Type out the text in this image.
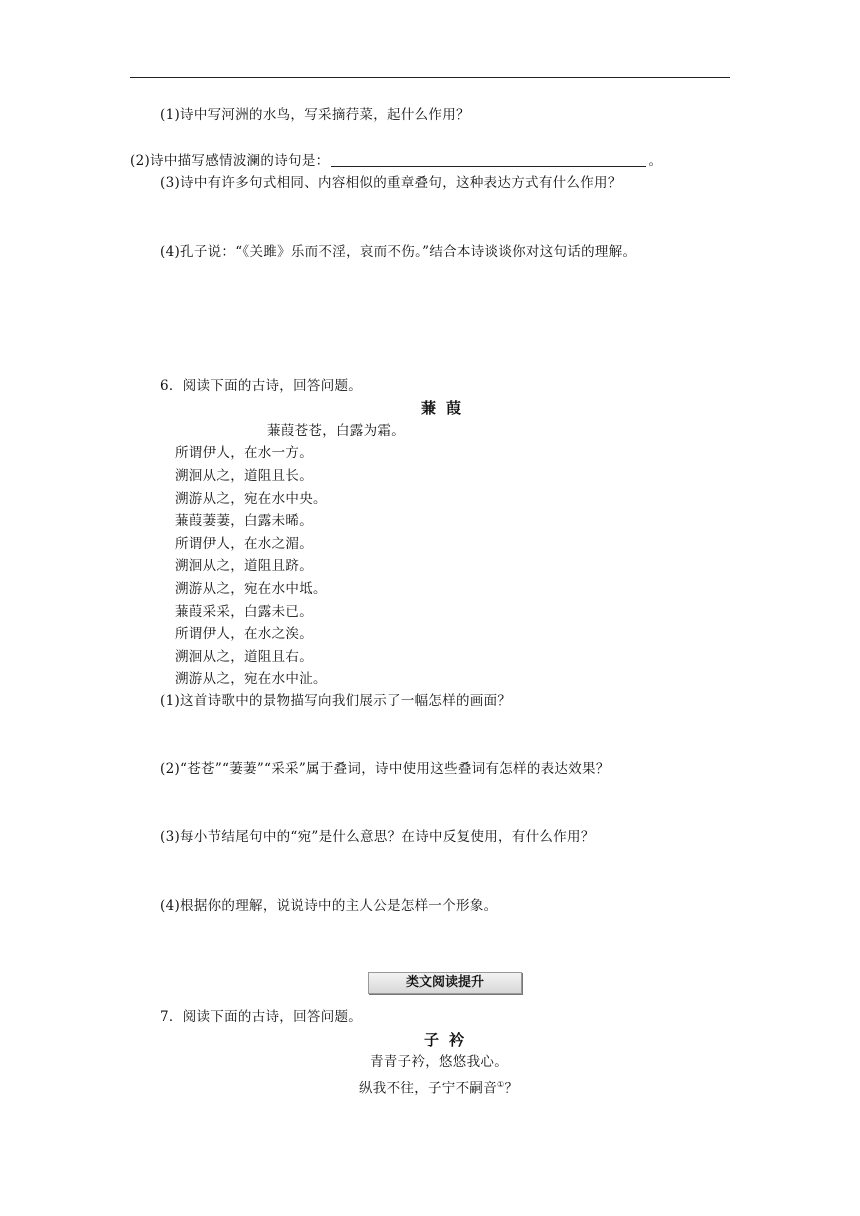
(1)诗中写河洲的水鸟，写采摘荇菜，起什么作用？
(2)诗中描写感情波澜的诗句是：	。
(3)诗中有许多句式相同、内容相似的重章叠句，这种表达方式有什么作用？
(4)孔子说：“《关雎》乐而不淫，哀而不伤。”结合本诗谈谈你对这句话的理解。
6．阅读下面的古诗，回答问题。
蒹葭
蒹葭苍苍，白露为霜。
所谓伊人，在水一方。
溯洄从之，道阻且长。
溯游从之，宛在水中央。
蒹葭萋萋，白露未晞。
所谓伊人，在水之湄。
溯洄从之，道阻且跻。
溯游从之，宛在水中坻。
蒹葭采采，白露未已。
所谓伊人，在水之涘。
溯洄从之，道阻且右。
溯游从之，宛在水中沚。
(1)这首诗歌中的景物描写向我们展示了一幅怎样的画面？
(2)“苍苍”“萋萋”“采采”属于叠词，诗中使用这些叠词有怎样的表达效果？
(3)每小节结尾句中的“宛”是什么意思？在诗中反复使用，有什么作用？
(4)根据你的理解，说说诗中的主人公是怎样一个形象。
类文阅读提升
7．阅读下面的古诗，回答问题。
子衿
青青子衿，悠悠我心。
纵我不往，子宁不嗣音①？
